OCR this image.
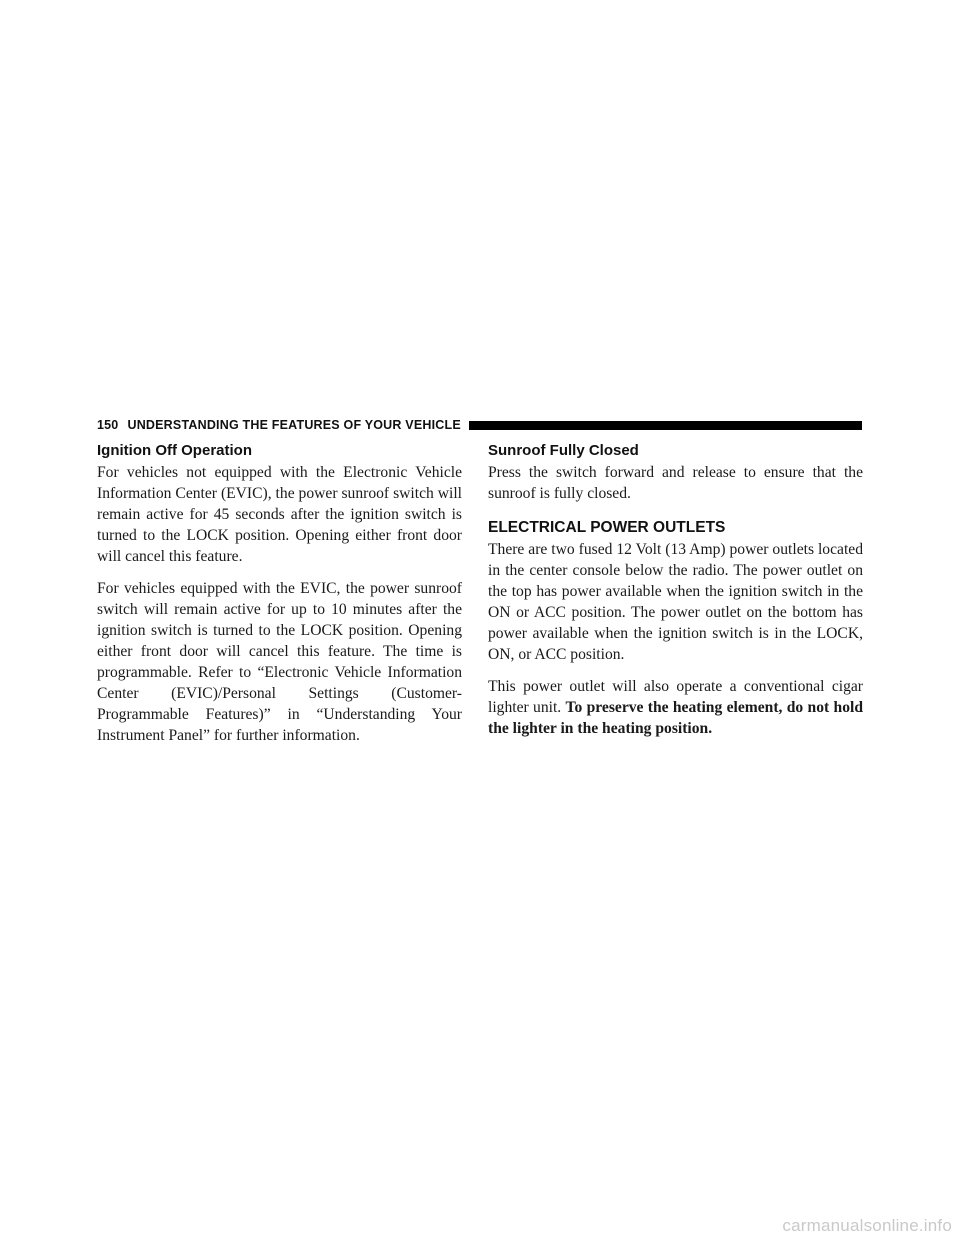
150 UNDERSTANDING THE FEATURES OF YOUR VEHICLE
Ignition Off Operation

For vehicles not equipped with the Electronic Vehicle Information Center (EVIC), the power sunroof switch will remain active for 45 seconds after the ignition switch is turned to the LOCK position. Opening either front door will cancel this feature.

For vehicles equipped with the EVIC, the power sunroof switch will remain active for up to 10 minutes after the ignition switch is turned to the LOCK position. Opening either front door will cancel this feature. The time is programmable. Refer to “Electronic Vehicle Information Center (EVIC)/Personal Settings (Customer-Programmable Features)” in “Understanding Your Instrument Panel” for further information.

Sunroof Fully Closed

Press the switch forward and release to ensure that the sunroof is fully closed.

ELECTRICAL POWER OUTLETS

There are two fused 12 Volt (13 Amp) power outlets located in the center console below the radio. The power outlet on the top has power available when the ignition switch in the ON or ACC position. The power outlet on the bottom has power available when the ignition switch is in the LOCK, ON, or ACC position.

This power outlet will also operate a conventional cigar lighter unit. To preserve the heating element, do not hold the lighter in the heating position.

carmanualsonline.info
